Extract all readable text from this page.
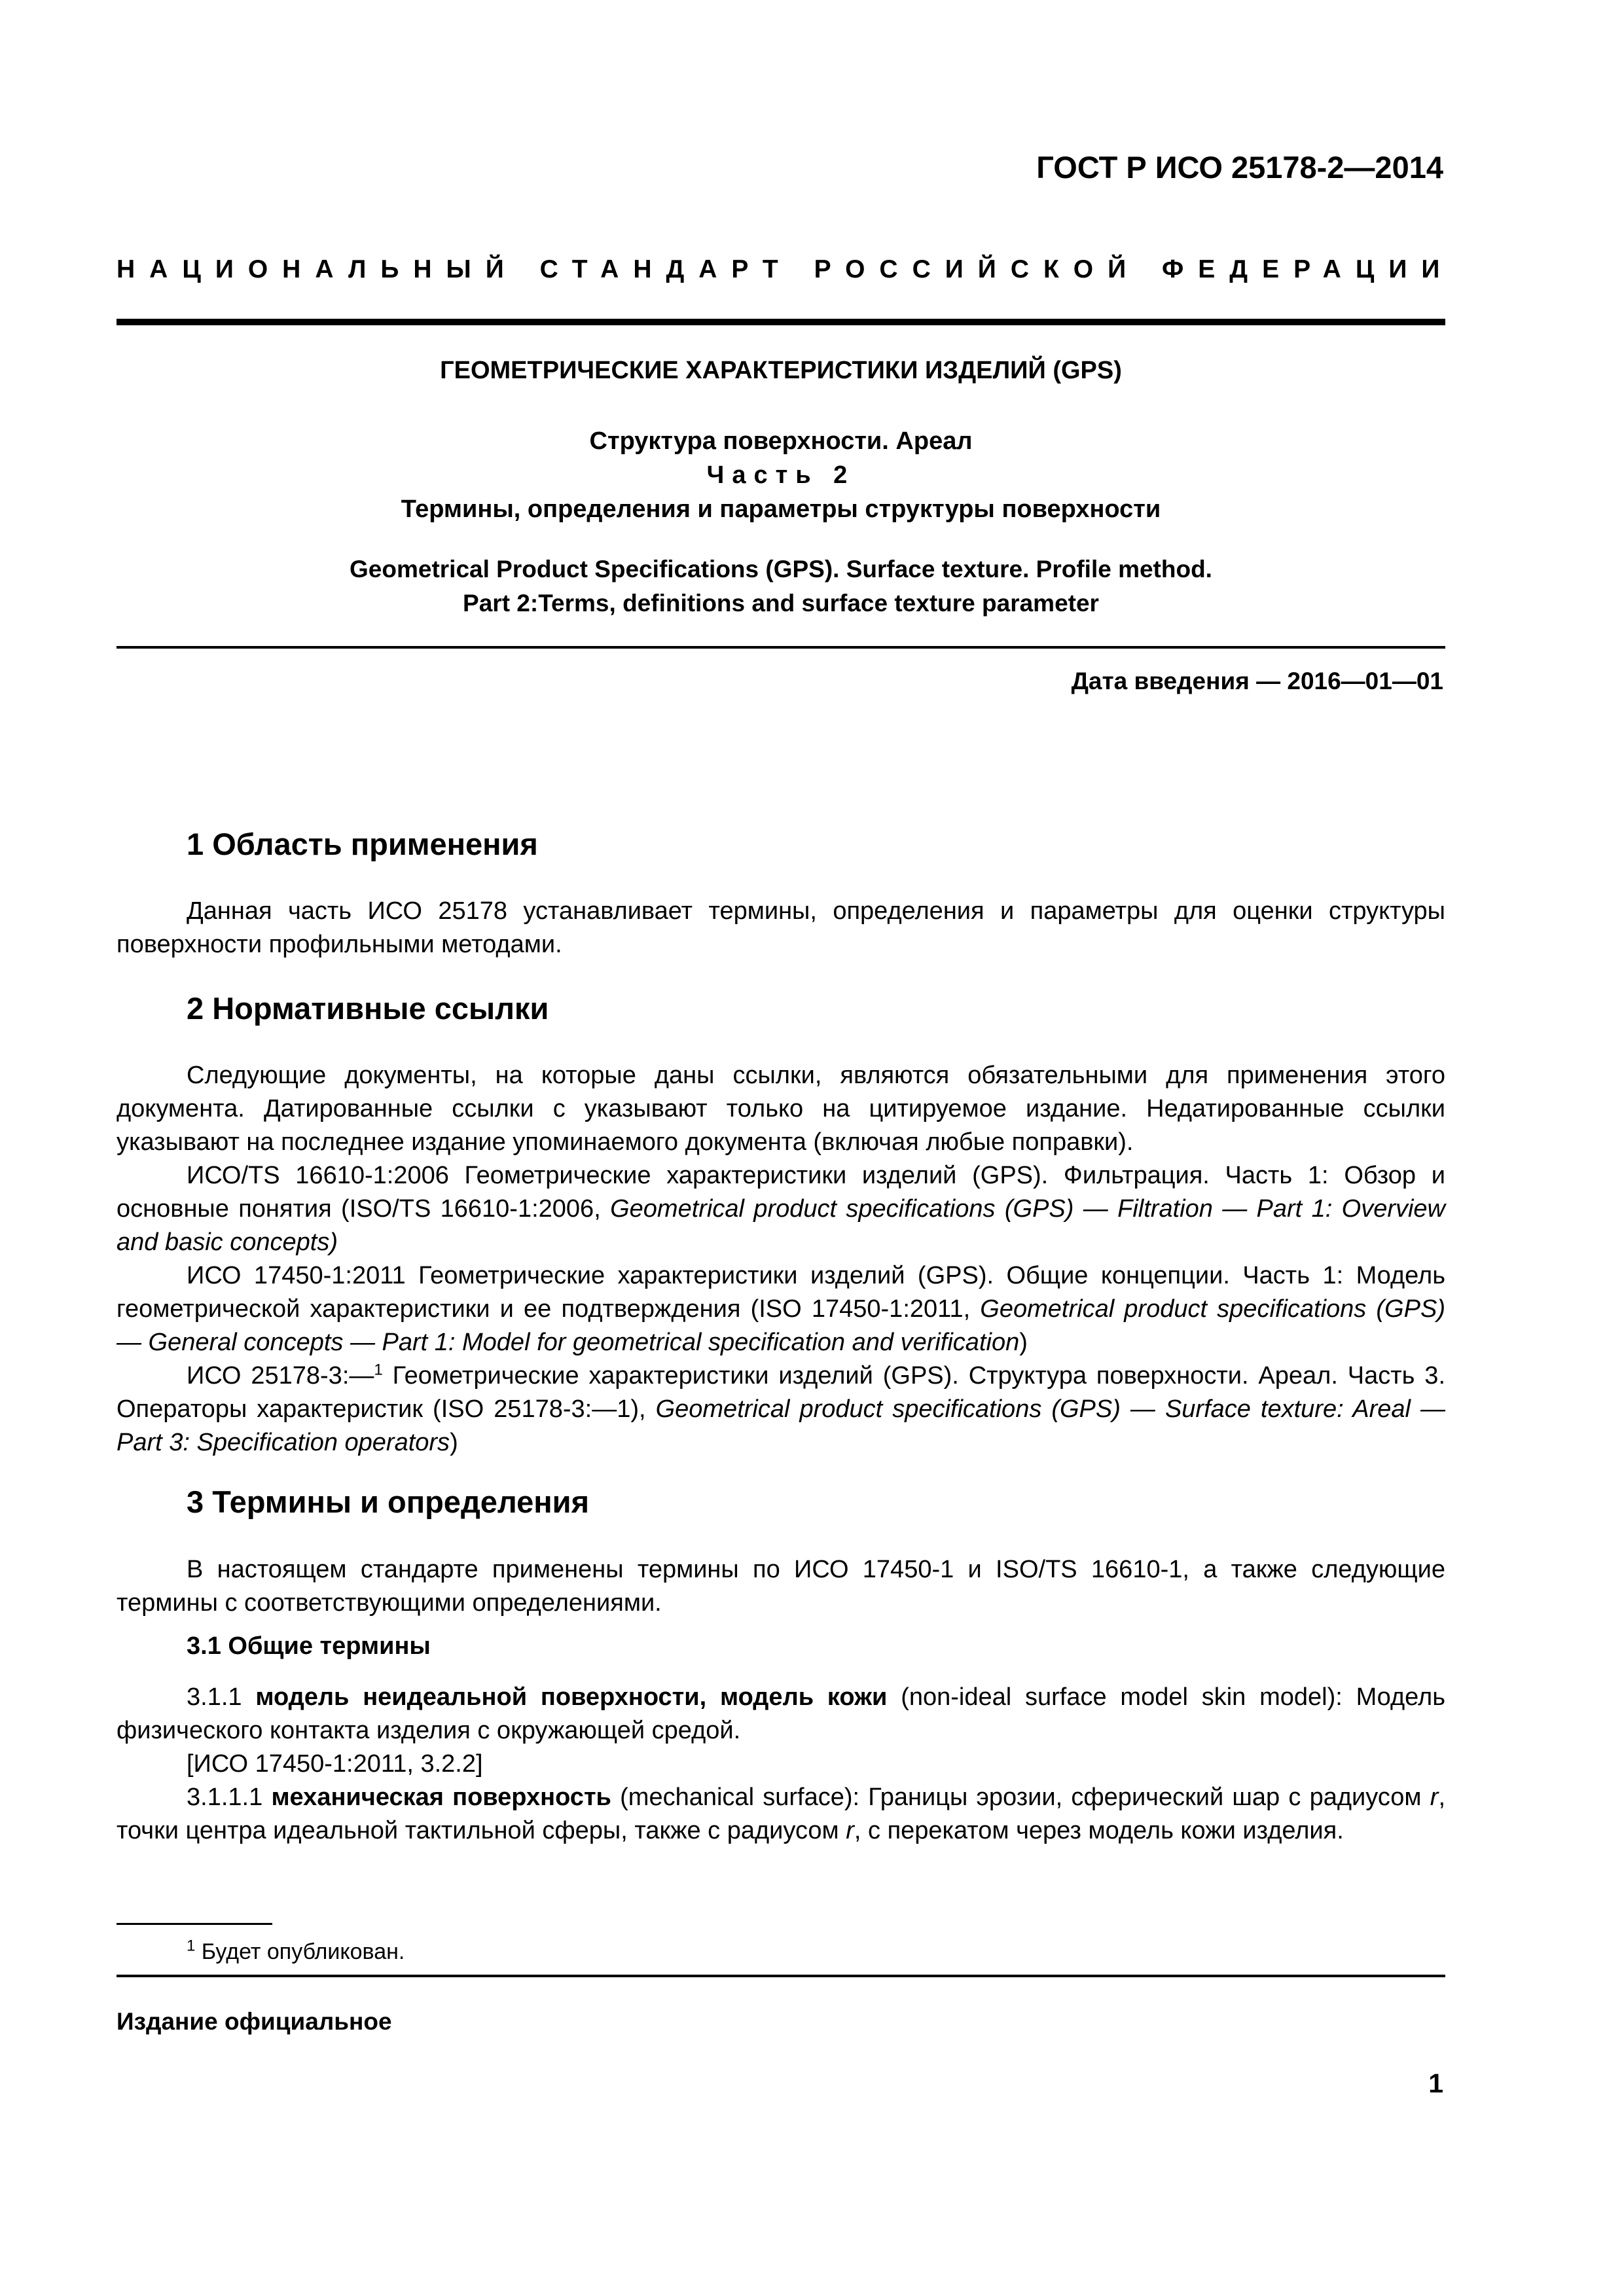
ГОСТ Р ИСО 25178-2—2014
НАЦИОНАЛЬНЫЙ СТАНДАРТ РОССИЙСКОЙ ФЕДЕРАЦИИ
ГЕОМЕТРИЧЕСКИЕ ХАРАКТЕРИСТИКИ ИЗДЕЛИЙ (GPS)
Структура поверхности. Ареал
Часть 2
Термины, определения и параметры структуры поверхности
Geometrical Product Specifications (GPS). Surface texture. Profile method.
Part 2:Terms, definitions and surface texture parameter
Дата введения — 2016—01—01
1 Область применения

Данная часть ИСО 25178 устанавливает термины, определения и параметры для оценки структуры поверхности профильными методами.

2 Нормативные ссылки

Следующие документы, на которые даны ссылки, являются обязательными для применения этого документа. Датированные ссылки с указывают только на цитируемое издание. Недатированные ссылки указывают на последнее издание упоминаемого документа (включая любые поправки).

ИСО/TS 16610-1:2006 Геометрические характеристики изделий (GPS). Фильтрация. Часть 1: Обзор и основные понятия (ISO/TS 16610-1:2006, Geometrical product specifications (GPS) — Filtration — Part 1: Overview and basic concepts)

ИСО 17450-1:2011 Геометрические характеристики изделий (GPS). Общие концепции. Часть 1: Модель геометрической характеристики и ее подтверждения (ISO 17450-1:2011, Geometrical product specifications (GPS) — General concepts — Part 1: Model for geometrical specification and verification)

ИСО 25178-3:—$^1$ Геометрические характеристики изделий (GPS). Структура поверхности. Ареал. Часть 3. Операторы характеристик (ISO 25178-3:—1), Geometrical product specifications (GPS) — Surface texture: Areal — Part 3: Specification operators)

3 Термины и определения

В настоящем стандарте применены термины по ИСО 17450-1 и ISO/TS 16610-1, а также следующие термины с соответствующими определениями.

3.1 Общие термины

3.1.1 модель неидеальной поверхности, модель кожи (non-ideal surface model skin model): Модель физического контакта изделия с окружающей средой.

[ИСО 17450-1:2011, 3.2.2]

3.1.1.1 механическая поверхность (mechanical surface): Границы эрозии, сферический шар с радиусом r, точки центра идеальной тактильной сферы, также с радиусом r, с перекатом через модель кожи изделия.

$^1$ Будет опубликован.
Издание официальное
1
